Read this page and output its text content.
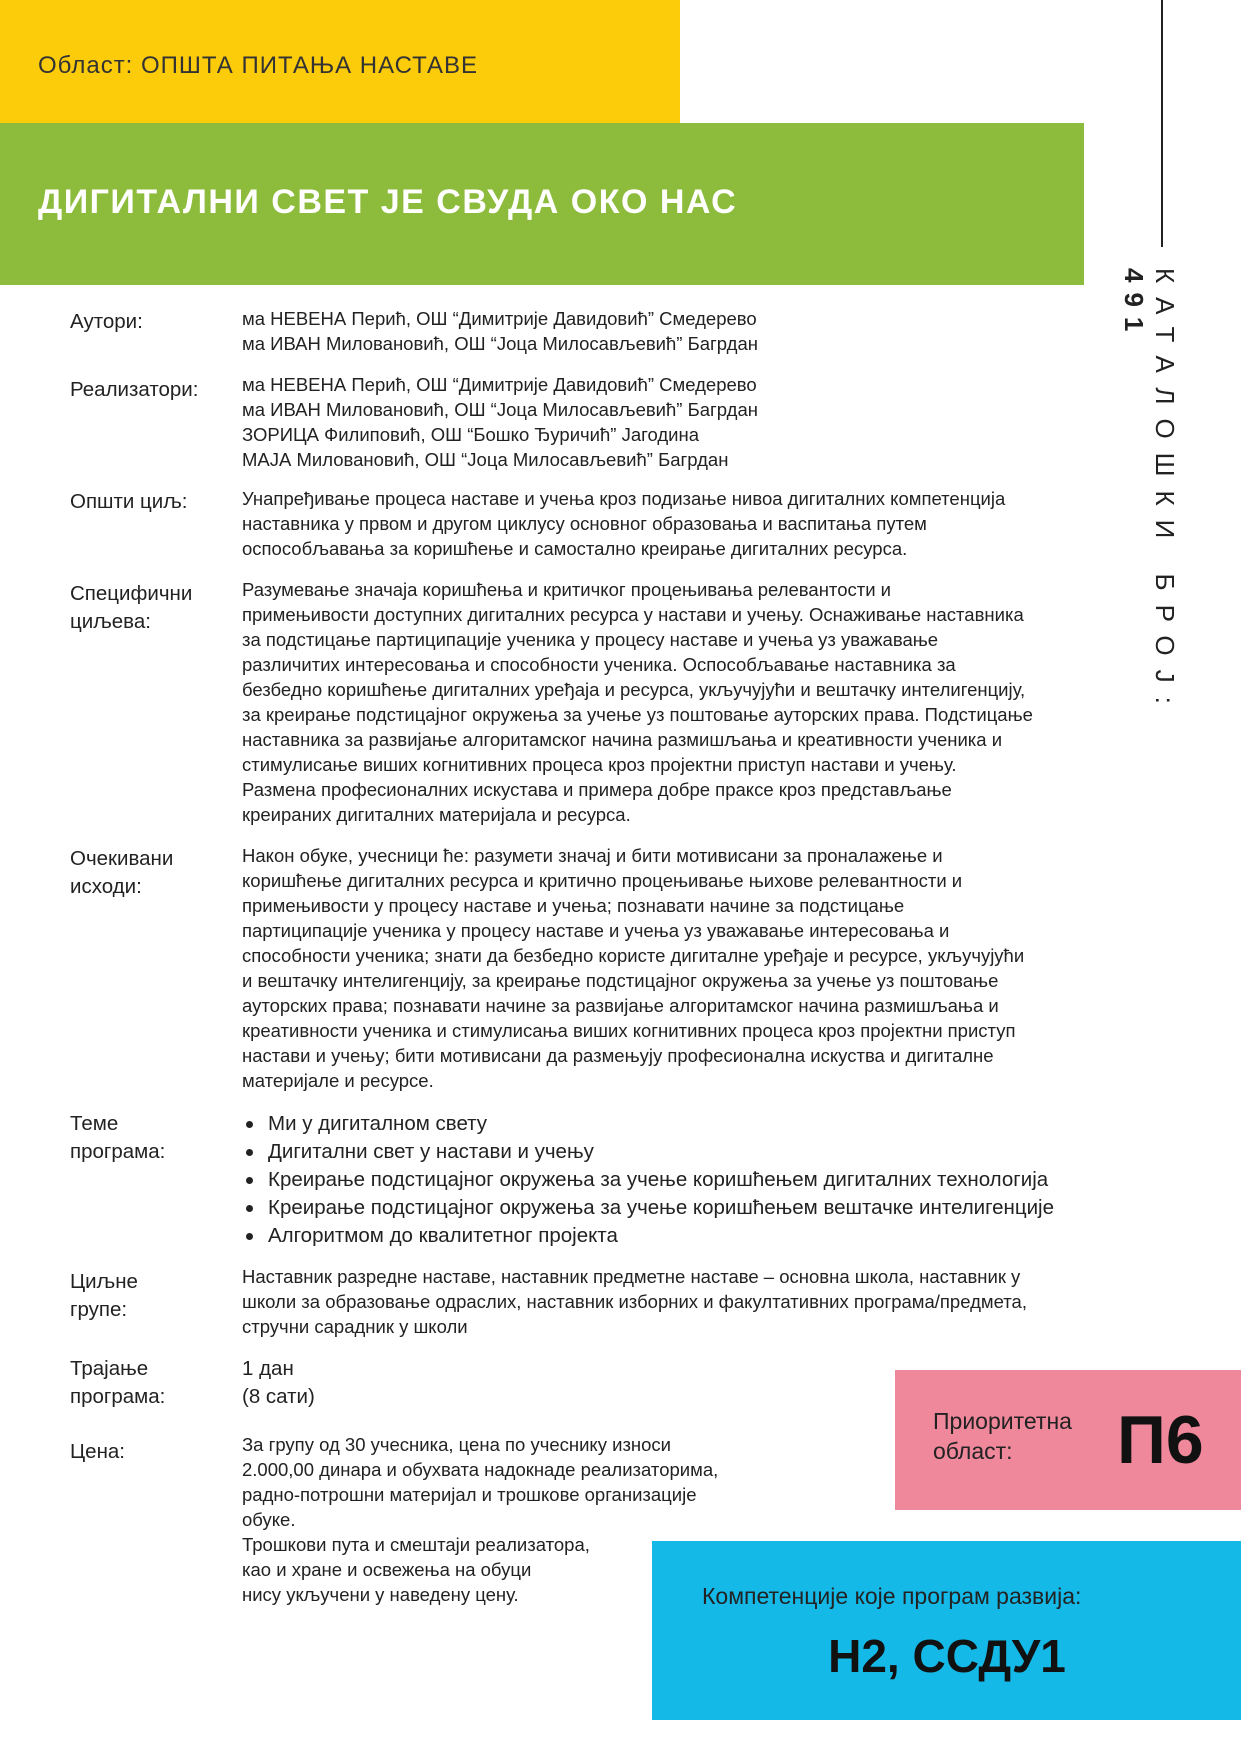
Област: ОПШТА ПИТАЊА НАСТАВЕ
ДИГИТАЛНИ СВЕТ ЈЕ СВУДА ОКО НАС
КАТАЛОШКИ БРОЈ: 491
Аутори:	ма НЕВЕНА Перић, ОШ “Димитрије Давидовић” Смедерево
ма ИВАН Миловановић, ОШ “Јоца Милосављевић” Багрдан
Реализатори:	ма НЕВЕНА Перић, ОШ “Димитрије Давидовић” Смедерево
ма ИВАН Миловановић, ОШ “Јоца Милосављевић” Багрдан
ЗОРИЦА Филиповић, ОШ “Бошко Ђуричић” Јагодина
МАЈА Миловановић, ОШ “Јоца Милосављевић” Багрдан
Општи циљ:	Унапређивање процеса наставе и учења кроз подизање нивоа дигиталних компетенција
наставника у првом и другом циклусу основног образовања и васпитања путем
оспособљавања за коришћење и самостално креирање дигиталних ресурса.
Специфични
циљева:
Разумевање значаја коришћења и критичког процењивања релевантости и
примењивости доступних дигиталних ресурса у настави и учењу. Оснаживање наставника
за подстицање партиципације ученика у процесу наставе и учења уз уважавање
различитих интересовања и способности ученика. Оспособљавање наставника за
безбедно коришћење дигиталних уређаја и ресурса, укључујући и вештачку интелигенцију,
за креирање подстицајног окружења за учење уз поштовање ауторских права. Подстицање
наставника за развијање алгоритамског начина размишљања и креативности ученика и
стимулисање виших когнитивних процеса кроз пројектни приступ настави и учењу.
Размена професионалних искустава и примера добре праксе кроз представљање
креираних дигиталних материјала и ресурса.
Очекивани
исходи:
Након обуке, учесници ће: разумети значај и бити мотивисани за проналажење и
коришћење дигиталних ресурса и критично процењивање њихове релевантности и
примењивости у процесу наставе и учења; познавати начине за подстицање
партиципације ученика у процесу наставе и учења уз уважавање интересовања и
способности ученика; знати да безбедно користе дигиталне уређаје и ресурсе, укључујући
и вештачку интелигенцију, за креирање подстицајног окружења за учење уз поштовање
ауторских права; познавати начине за развијање алгоритамског начина размишљања и
креативности ученика и стимулисања виших когнитивних процеса кроз пројектни приступ
настави и учењу; бити мотивисани да размењују професионална искуства и дигиталне
материјале и ресурсе.
Теме
програма:
Ми у дигиталном свету
Дигитални свет у настави и учењу
Креирање подстицајног окружења за учење коришћењем дигиталних технологија
Креирање подстицајног окружења за учење коришћењем вештачке интелигенције
Алгоритмом до квалитетног пројекта
Циљне
групе:
Наставник разредне наставе, наставник предметне наставе – основна школа, наставник у
школи за образовање одраслих, наставник изборних и факултативних програма/предмета,
стручни сарадник у школи
Трајање
програма:
1 дан
(8 сати)
Цена:	За групу од 30 учесника, цена по учеснику износи
2.000,00 динара и обухвата надокнаде реализаторима,
радно-потрошни материјал и трошкове организације
обуке.
Трошкови пута и смештаји реализатора,
као и хране и освежења на обуци
нису укључени у наведену цену.
Приоритетна
област:	П6
Компетенције које програм развија:
Н2, ССДУ1
